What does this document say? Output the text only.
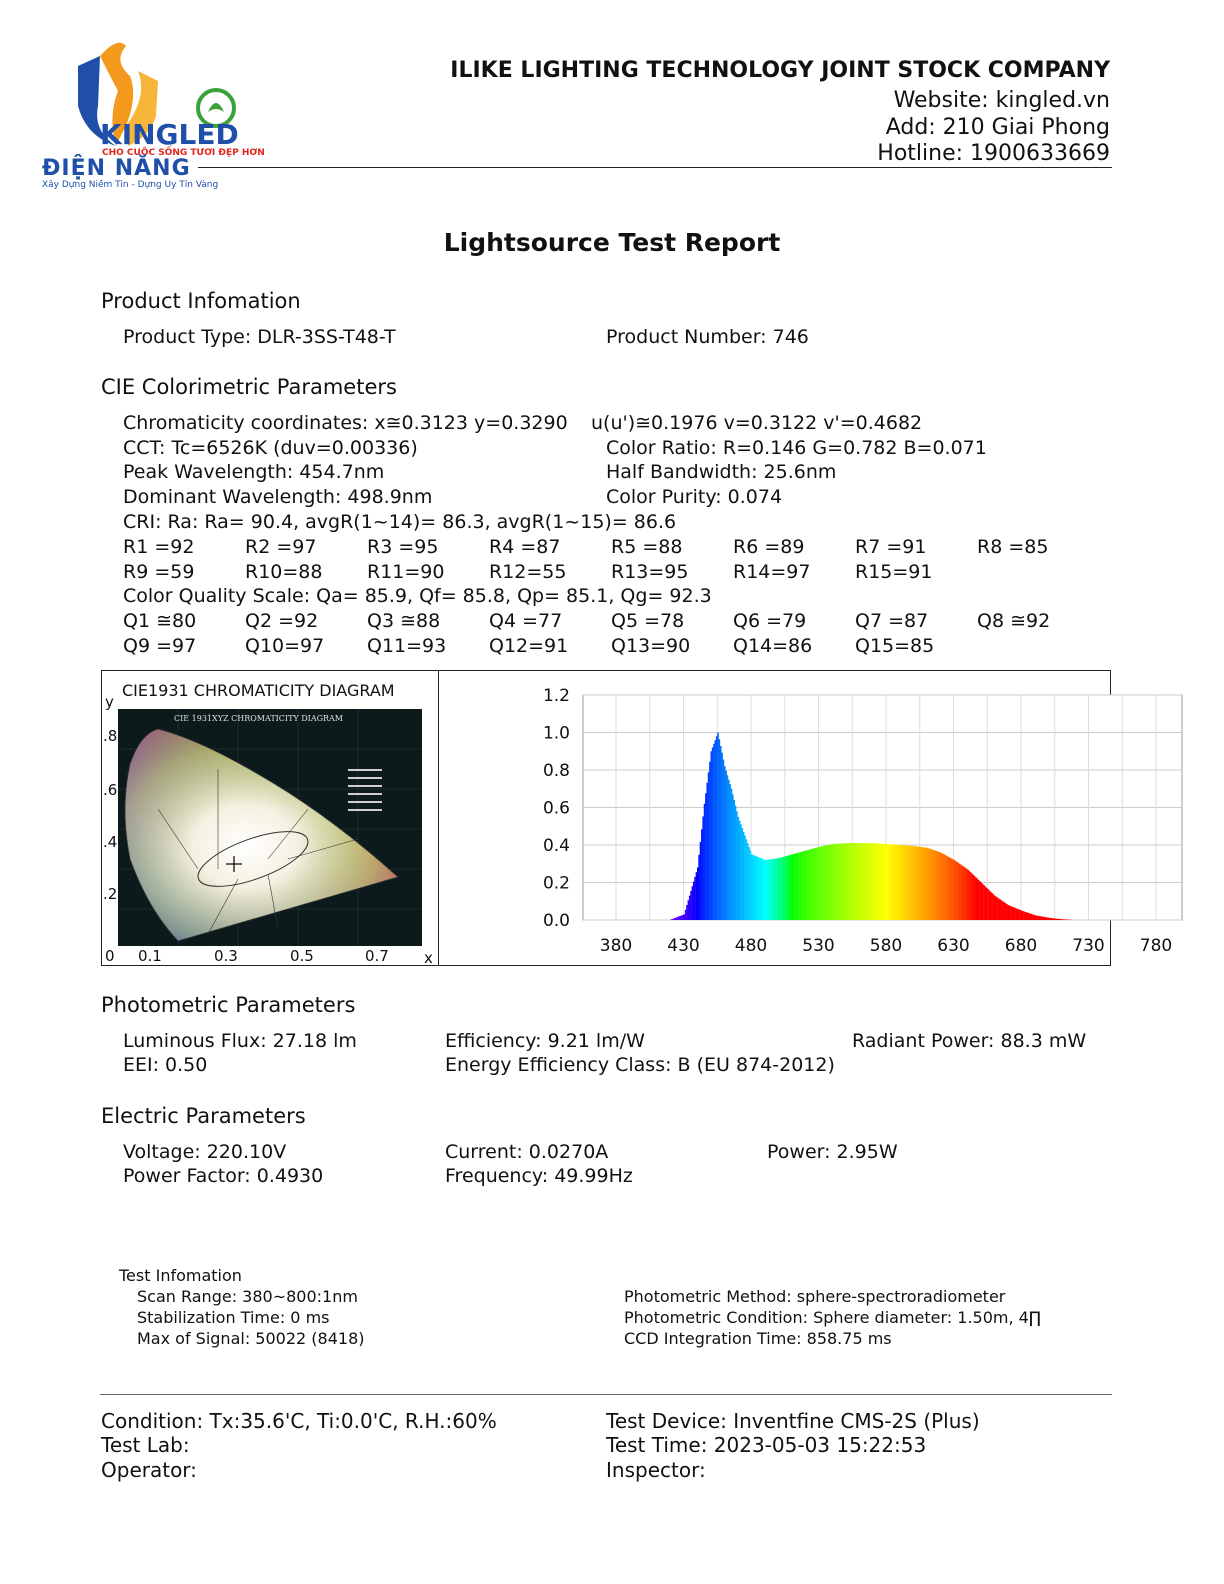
KINGLED
CHO CUỘC SỐNG TƯƠI ĐẸP HƠN
ĐIỆN NĂNG
Xây Dựng Niềm Tin - Dựng Uy Tín Vàng
ILIKE LIGHTING TECHNOLOGY JOINT STOCK COMPANY
Website: kingled.vn
Add: 210 Giai Phong
Hotline: 1900633669
Lightsource Test Report
Product Infomation
Product Type: DLR-3SS-T48-T	Product Number: 746
CIE Colorimetric Parameters
Chromaticity coordinates: x≅0.3123 y=0.3290 u(u')≅0.1976 v=0.3122 v'=0.4682
CCT: Tc=6526K (duv=0.00336)	Color Ratio: R=0.146 G=0.782 B=0.071
Peak Wavelength: 454.7nm	Half Bandwidth: 25.6nm
Dominant Wavelength: 498.9nm	Color Purity: 0.074
CRI: Ra: Ra= 90.4, avgR(1~14)= 86.3, avgR(1~15)= 86.6
R1 =92	R2 =97	R3 =95	R4 =87	R5 =88	R6 =89	R7 =91	R8 =85
R9 =59	R10=88 R11=90 R12=55 R13=95 R14=97 R15=91
Color Quality Scale: Qa= 85.9, Qf= 85.8, Qp= 85.1, Qg= 92.3
Q1 ≅80	Q2 =92	Q3 ≅88	Q4 =77	Q5 =78	Q6 =79	Q7 =87	Q8 ≅92
Q9 =97	Q10=97 Q11=93 Q12=91 Q13=90 Q14=86 Q15=85
CIE1931 CHROMATICITY DIAGRAM
y
.8
.6
.4
.2
0 0.1	0.3	0.5	0.7 x
CIE 1931XYZ CHROMATICITY DIAGRAM
0.0
0.2
0.4
0.6
0.8
1.0
1.2
380 430 480 530 580 630 680 730 780
Photometric Parameters
Luminous Flux: 27.18 lm	Efficiency: 9.21 lm/W	Radiant Power: 88.3 mW
EEI: 0.50	Energy Efficiency Class: B (EU 874-2012)
Electric Parameters
Voltage: 220.10V	Current: 0.0270A	Power: 2.95W
Power Factor: 0.4930	Frequency: 49.99Hz
Test Infomation
Scan Range: 380~800:1nm
Stabilization Time: 0 ms
Max of Signal: 50022 (8418)
Photometric Method: sphere-spectroradiometer
Photometric Condition: Sphere diameter: 1.50m, 4∏
CCD Integration Time: 858.75 ms
Condition: Tx:35.6'C, Ti:0.0'C, R.H.:60%	Test Device: Inventfine CMS-2S (Plus)
Test Lab:	Test Time: 2023-05-03 15:22:53
Operator:	Inspector:
